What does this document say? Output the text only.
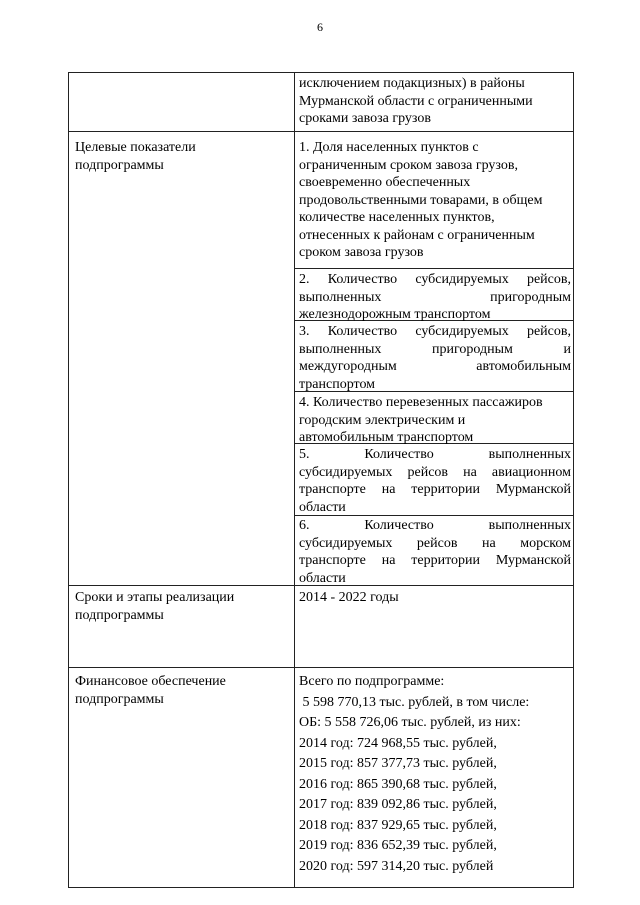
6
исключением подакцизных) в районы
Мурманской области с ограниченными
сроками завоза грузов
Целевые показатели
подпрограммы
1. Доля населенных пунктов с
ограниченным сроком завоза грузов,
своевременно обеспеченных
продовольственными товарами, в общем
количестве населенных пунктов,
отнесенных к районам с ограниченным
сроком завоза грузов
2. Количество субсидируемых рейсов,
выполненных пригородным
железнодорожным транспортом
3. Количество субсидируемых рейсов,
выполненных пригородным и
междугородным автомобильным
транспортом
4. Количество перевезенных пассажиров
городским электрическим и
автомобильным транспортом
5. Количество выполненных
субсидируемых рейсов на авиационном
транспорте на территории Мурманской
области
6. Количество выполненных
субсидируемых рейсов на морском
транспорте на территории Мурманской
области
Сроки и этапы реализации
подпрограммы
2014 - 2022 годы
Финансовое обеспечение
подпрограммы
Всего по подпрограмме:
5 598 770,13 тыс. рублей, в том числе:
ОБ: 5 558 726,06 тыс. рублей, из них:
2014 год: 724 968,55 тыс. рублей,
2015 год: 857 377,73 тыс. рублей,
2016 год: 865 390,68 тыс. рублей,
2017 год: 839 092,86 тыс. рублей,
2018 год: 837 929,65 тыс. рублей,
2019 год: 836 652,39 тыс. рублей,
2020 год: 597 314,20 тыс. рублей
